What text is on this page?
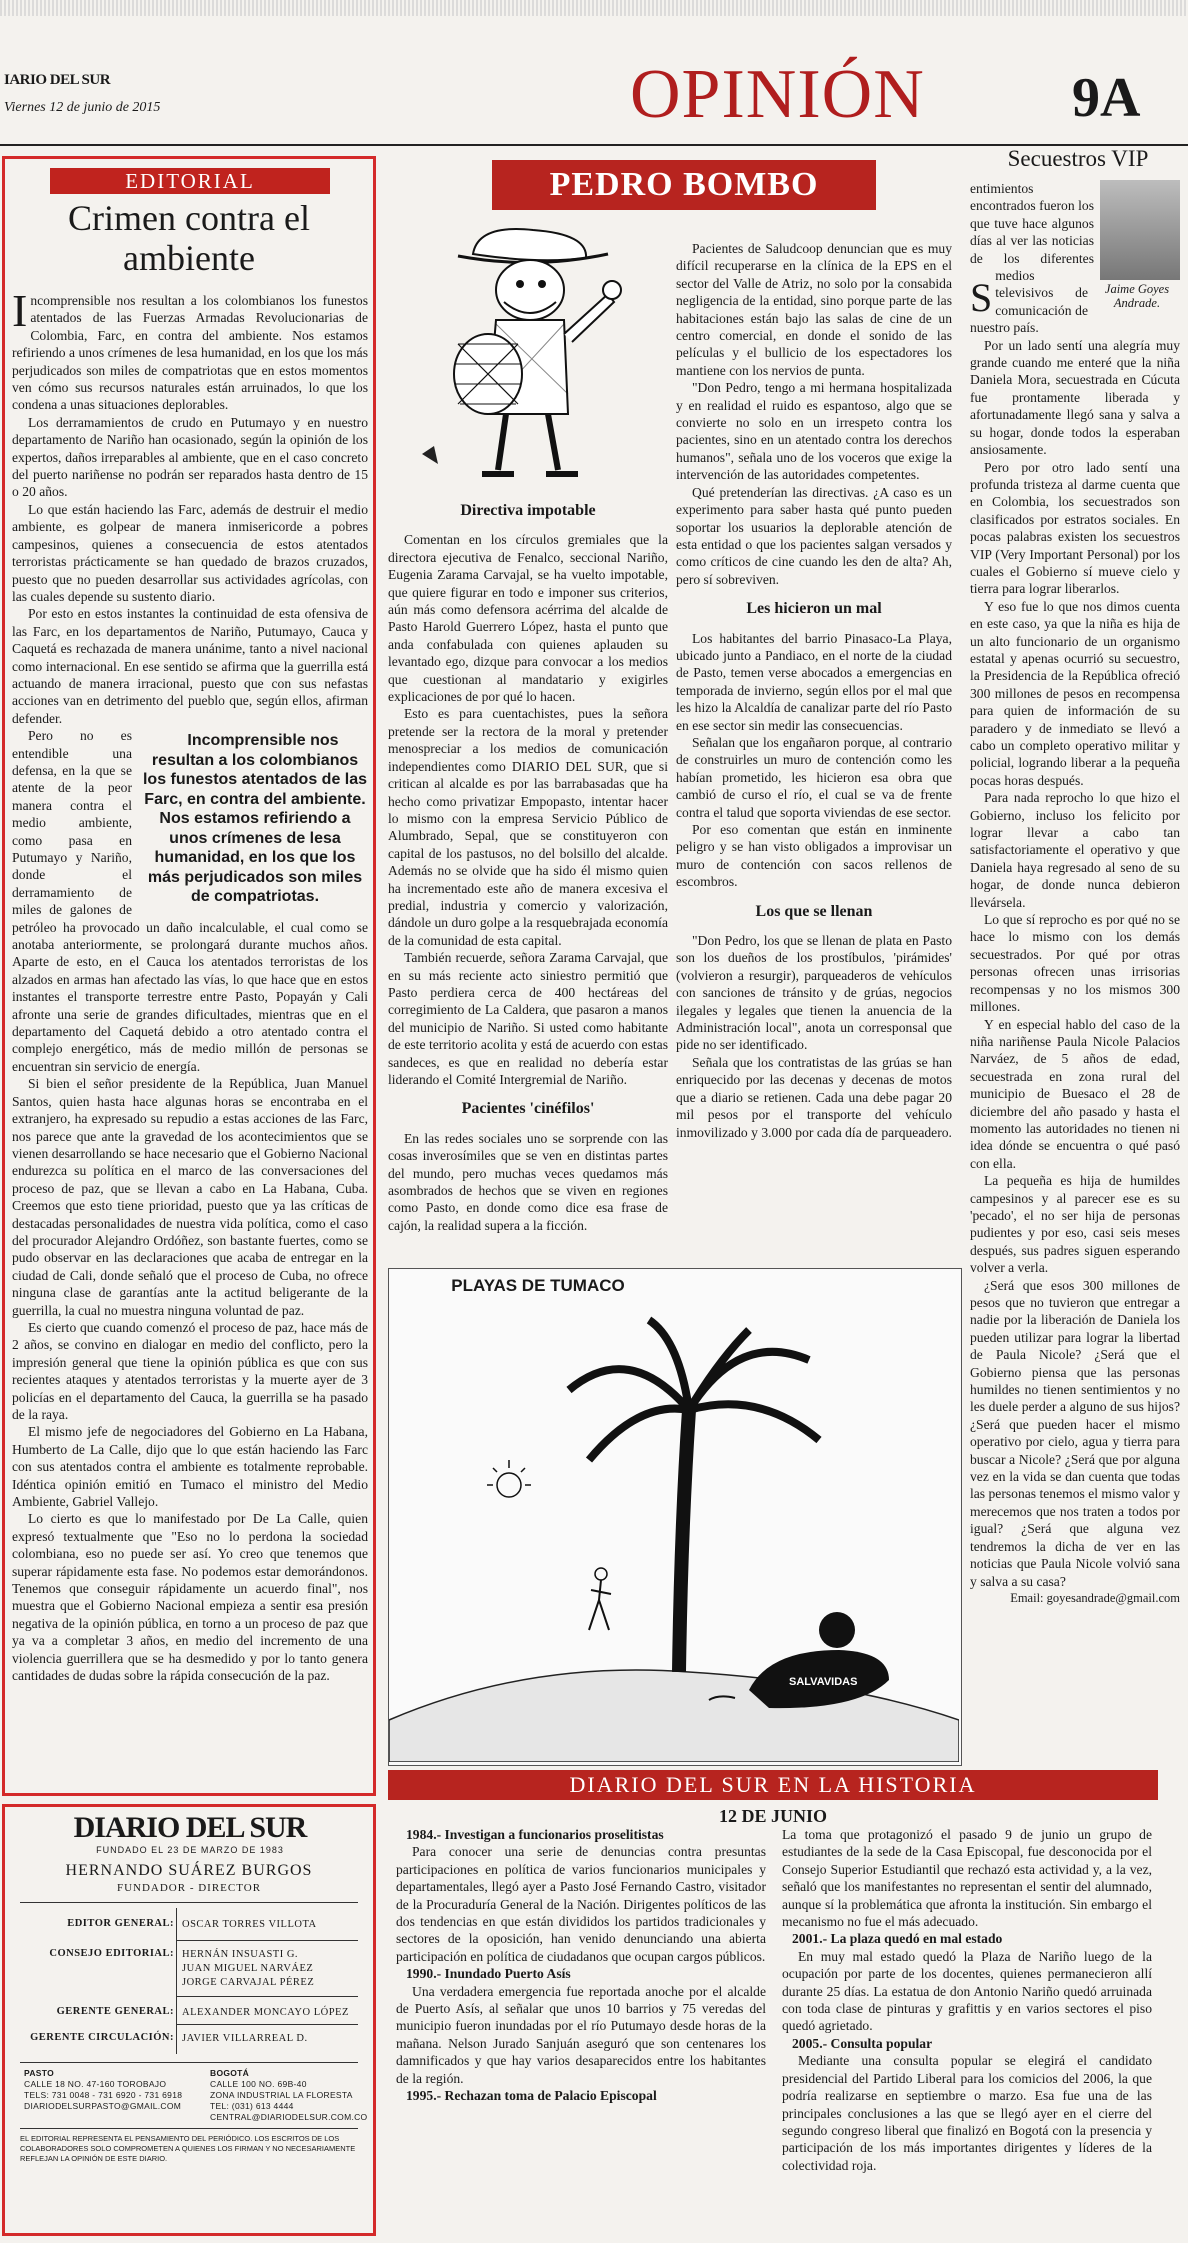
IARIO DEL SUR
Viernes 12 de junio de 2015	OPINIÓN	9A
EDITORIAL
Crimen contra el ambiente

Incomprensible nos resultan a los colombianos los funestos atentados de las Fuerzas Armadas Revolucionarias de Colombia, Farc, en contra del ambiente. Nos estamos refiriendo a unos crímenes de lesa humanidad, en los que los más perjudicados son miles de compatriotas que en estos momentos ven cómo sus recursos naturales están arruinados, lo que los condena a unas situaciones deplorables.

Los derramamientos de crudo en Putumayo y en nuestro departamento de Nariño han ocasionado, según la opinión de los expertos, daños irreparables al ambiente, que en el caso concreto del puerto nariñense no podrán ser reparados hasta dentro de 15 o 20 años.

Lo que están haciendo las Farc, además de destruir el medio ambiente, es golpear de manera inmisericorde a pobres campesinos, quienes a consecuencia de estos atentados terroristas prácticamente se han quedado de brazos cruzados, puesto que no pueden desarrollar sus actividades agrícolas, con las cuales depende su sustento diario.

Por esto en estos instantes la continuidad de esta ofensiva de las Farc, en los departamentos de Nariño, Putumayo, Cauca y Caquetá es rechazada de manera unánime, tanto a nivel nacional como internacional. En ese sentido se afirma que la guerrilla está actuando de manera irracional, puesto que con sus nefastas acciones van en detrimento del pueblo que, según ellos, afirman defender.

Incomprensible nos resultan a los colombianos los funestos atentados de las Farc, en contra del ambiente. Nos estamos refiriendo a unos crímenes de lesa humanidad, en los que los más perjudicados son miles de compatriotas.
Pero no es entendible una defensa, en la que se atente de la peor manera contra el medio ambiente, como pasa en Putumayo y Nariño, donde el derramamiento de miles de galones de petróleo ha provocado un daño incalculable, el cual como se anotaba anteriormente, se prolongará durante muchos años. Aparte de esto, en el Cauca los atentados terroristas de los alzados en armas han afectado las vías, lo que hace que en estos instantes el transporte terrestre entre Pasto, Popayán y Cali afronte una serie de grandes dificultades, mientras que en el departamento del Caquetá debido a otro atentado contra el complejo energético, más de medio millón de personas se encuentran sin servicio de energía.

Si bien el señor presidente de la República, Juan Manuel Santos, quien hasta hace algunas horas se encontraba en el extranjero, ha expresado su repudio a estas acciones de las Farc, nos parece que ante la gravedad de los acontecimientos que se vienen desarrollando se hace necesario que el Gobierno Nacional endurezca su política en el marco de las conversaciones del proceso de paz, que se llevan a cabo en La Habana, Cuba. Creemos que esto tiene prioridad, puesto que ya las críticas de destacadas personalidades de nuestra vida política, como el caso del procurador Alejandro Ordóñez, son bastante fuertes, como se pudo observar en las declaraciones que acaba de entregar en la ciudad de Cali, donde señaló que el proceso de Cuba, no ofrece ninguna clase de garantías ante la actitud beligerante de la guerrilla, la cual no muestra ninguna voluntad de paz.

Es cierto que cuando comenzó el proceso de paz, hace más de 2 años, se convino en dialogar en medio del conflicto, pero la impresión general que tiene la opinión pública es que con sus recientes ataques y atentados terroristas y la muerte ayer de 3 policías en el departamento del Cauca, la guerrilla se ha pasado de la raya.

El mismo jefe de negociadores del Gobierno en La Habana, Humberto de La Calle, dijo que lo que están haciendo las Farc con sus atentados contra el ambiente es totalmente reprobable. Idéntica opinión emitió en Tumaco el ministro del Medio Ambiente, Gabriel Vallejo.

Lo cierto es que lo manifestado por De La Calle, quien expresó textualmente que "Eso no lo perdona la sociedad colombiana, eso no puede ser así. Yo creo que tenemos que superar rápidamente esta fase. No podemos estar demorándonos. Tenemos que conseguir rápidamente un acuerdo final", nos muestra que el Gobierno Nacional empieza a sentir esa presión negativa de la opinión pública, en torno a un proceso de paz que ya va a completar 3 años, en medio del incremento de una violencia guerrillera que se ha desmedido y por lo tanto genera cantidades de dudas sobre la rápida consecución de la paz.

DIARIO DEL SUR
FUNDADO EL 23 DE MARZO DE 1983
HERNANDO SUÁREZ BURGOS
FUNDADOR - DIRECTOR
EDITOR GENERAL: OSCAR TORRES VILLOTA
CONSEJO EDITORIAL: HERNÁN INSUASTI G.
JUAN MIGUEL NARVÁEZ
JORGE CARVAJAL PÉREZ
GERENTE GENERAL: ALEXANDER MONCAYO LÓPEZ
GERENTE CIRCULACIÓN: JAVIER VILLARREAL D.
PASTO
CALLE 18 NO. 47-160 TOROBAJO
TELS: 731 0048 - 731 6920 - 731 6918
DIARIODELSURPASTO@GMAIL.COM
BOGOTÁ
CALLE 100 NO. 69B-40
ZONA INDUSTRIAL LA FLORESTA
TEL: (031) 613 4444
CENTRAL@DIARIODELSUR.COM.CO
EL EDITORIAL REPRESENTA EL PENSAMIENTO DEL PERIÓDICO. LOS ESCRITOS DE LOS COLABORADORES SOLO COMPROMETEN A QUIENES LOS FIRMAN Y NO NECESARIAMENTE REFLEJAN LA OPINIÓN DE ESTE DIARIO.
PEDRO BOMBO
Directiva impotable

Comentan en los círculos gremiales que la directora ejecutiva de Fenalco, seccional Nariño, Eugenia Zarama Carvajal, se ha vuelto impotable, que quiere figurar en todo e imponer sus criterios, aún más como defensora acérrima del alcalde de Pasto Harold Guerrero López, hasta el punto que anda confabulada con quienes aplauden su levantado ego, dizque para convocar a los medios que cuestionan al mandatario y exigirles explicaciones de por qué lo hacen.

Esto es para cuentachistes, pues la señora pretende ser la rectora de la moral y pretender menospreciar a los medios de comunicación independientes como DIARIO DEL SUR, que si critican al alcalde es por las barrabasadas que ha hecho como privatizar Empopasto, intentar hacer lo mismo con la empresa Servicio Público de Alumbrado, Sepal, que se constituyeron con capital de los pastusos, no del bolsillo del alcalde. Además no se olvide que ha sido él mismo quien ha incrementado este año de manera excesiva el predial, industria y comercio y valorización, dándole un duro golpe a la resquebrajada economía de la comunidad de esta capital.

También recuerde, señora Zarama Carvajal, que en su más reciente acto siniestro permitió que Pasto perdiera cerca de 400 hectáreas del corregimiento de La Caldera, que pasaron a manos del municipio de Nariño. Si usted como habitante de este territorio acolita y está de acuerdo con estas sandeces, es que en realidad no debería estar liderando el Comité Intergremial de Nariño.

Pacientes 'cinéfilos'

En las redes sociales uno se sorprende con las cosas inverosímiles que se ven en distintas partes del mundo, pero muchas veces quedamos más asombrados de hechos que se viven en regiones como Pasto, en donde como dice esa frase de cajón, la realidad supera a la ficción.

Pacientes de Saludcoop denuncian que es muy difícil recuperarse en la clínica de la EPS en el sector del Valle de Atriz, no solo por la consabida negligencia de la entidad, sino porque parte de las habitaciones están bajo las salas de cine de un centro comercial, en donde el sonido de las películas y el bullicio de los espectadores los mantiene con los nervios de punta.

"Don Pedro, tengo a mi hermana hospitalizada y en realidad el ruido es espantoso, algo que se convierte no solo en un irrespeto contra los pacientes, sino en un atentado contra los derechos humanos", señala uno de los voceros que exige la intervención de las autoridades competentes.

Qué pretenderían las directivas. ¿A caso es un experimento para saber hasta qué punto pueden soportar los usuarios la deplorable atención de esta entidad o que los pacientes salgan versados y como críticos de cine cuando les den de alta? Ah, pero sí sobreviven.

Les hicieron un mal

Los habitantes del barrio Pinasaco-La Playa, ubicado junto a Pandiaco, en el norte de la ciudad de Pasto, temen verse abocados a emergencias en temporada de invierno, según ellos por el mal que les hizo la Alcaldía de canalizar parte del río Pasto en ese sector sin medir las consecuencias.

Señalan que los engañaron porque, al contrario de construirles un muro de contención como les habían prometido, les hicieron esa obra que cambió de curso el río, el cual se va de frente contra el talud que soporta viviendas de ese sector.

Por eso comentan que están en inminente peligro y se han visto obligados a improvisar un muro de contención con sacos rellenos de escombros.

Los que se llenan

"Don Pedro, los que se llenan de plata en Pasto son los dueños de los prostíbulos, 'pirámides' (volvieron a resurgir), parqueaderos de vehículos con sanciones de tránsito y de grúas, negocios ilegales y legales que tienen la anuencia de la Administración local", anota un corresponsal que pide no ser identificado.

Señala que los contratistas de las grúas se han enriquecido por las decenas y decenas de motos que a diario se retienen. Cada una debe pagar 20 mil pesos por el transporte del vehículo inmovilizado y 3.000 por cada día de parqueadero.

Secuestros VIP
Jaime Goyes Andrade.

S
entimientos encontrados fueron los que tuve hace algunos días al ver las noticias de los diferentes medios televisivos de comunicación de nuestro país.

Por un lado sentí una alegría muy grande cuando me enteré que la niña Daniela Mora, secuestrada en Cúcuta fue prontamente liberada y afortunadamente llegó sana y salva a su hogar, donde todos la esperaban ansiosamente.

Pero por otro lado sentí una profunda tristeza al darme cuenta que en Colombia, los secuestrados son clasificados por estratos sociales. En pocas palabras existen los secuestros VIP (Very Important Personal) por los cuales el Gobierno sí mueve cielo y tierra para lograr liberarlos.

Y eso fue lo que nos dimos cuenta en este caso, ya que la niña es hija de un alto funcionario de un organismo estatal y apenas ocurrió su secuestro, la Presidencia de la República ofreció 300 millones de pesos en recompensa para quien de información de su paradero y de inmediato se llevó a cabo un completo operativo militar y policial, logrando liberar a la pequeña pocas horas después.

Para nada reprocho lo que hizo el Gobierno, incluso los felicito por lograr llevar a cabo tan satisfactoriamente el operativo y que Daniela haya regresado al seno de su hogar, de donde nunca debieron llevársela.

Lo que sí reprocho es por qué no se hace lo mismo con los demás secuestrados. Por qué por otras personas ofrecen unas irrisorias recompensas y no los mismos 300 millones.

Y en especial hablo del caso de la niña nariñense Paula Nicole Palacios Narváez, de 5 años de edad, secuestrada en zona rural del municipio de Buesaco el 28 de diciembre del año pasado y hasta el momento las autoridades no tienen ni idea dónde se encuentra o qué pasó con ella.

La pequeña es hija de humildes campesinos y al parecer ese es su 'pecado', el no ser hija de personas pudientes y por eso, casi seis meses después, sus padres siguen esperando volver a verla.

¿Será que esos 300 millones de pesos que no tuvieron que entregar a nadie por la liberación de Daniela los pueden utilizar para lograr la libertad de Paula Nicole? ¿Será que el Gobierno piensa que las personas humildes no tienen sentimientos y no les duele perder a alguno de sus hijos? ¿Será que pueden hacer el mismo operativo por cielo, agua y tierra para buscar a Nicole? ¿Será que por alguna vez en la vida se dan cuenta que todas las personas tenemos el mismo valor y merecemos que nos traten a todos por igual? ¿Será que alguna vez tendremos la dicha de ver en las noticias que Paula Nicole volvió sana y salva a su casa?

Email: goyesandrade@gmail.com

PLAYAS DE TUMACO
SALVAVIDAS
DIARIO DEL SUR EN LA HISTORIA
12 DE JUNIO
1984.- Investigan a funcionarios proselitistas

Para conocer una serie de denuncias contra presuntas participaciones en política de varios funcionarios municipales y departamentales, llegó ayer a Pasto José Fernando Castro, visitador de la Procuraduría General de la Nación. Dirigentes políticos de las dos tendencias en que están divididos los partidos tradicionales y sectores de la oposición, han venido denunciando una abierta participación en política de ciudadanos que ocupan cargos públicos.

1990.- Inundado Puerto Asís

Una verdadera emergencia fue reportada anoche por el alcalde de Puerto Asís, al señalar que unos 10 barrios y 75 veredas del municipio fueron inundadas por el río Putumayo desde horas de la mañana. Nelson Jurado Sanjuán aseguró que son centenares los damnificados y que hay varios desaparecidos entre los habitantes de la región.

1995.- Rechazan toma de Palacio Episcopal

La toma que protagonizó el pasado 9 de junio un grupo de estudiantes de la sede de la Casa Episcopal, fue desconocida por el Consejo Superior Estudiantil que rechazó esta actividad y, a la vez, señaló que los manifestantes no representan el sentir del alumnado, aunque sí la problemática que afronta la institución. Sin embargo el mecanismo no fue el más adecuado.

2001.- La plaza quedó en mal estado

En muy mal estado quedó la Plaza de Nariño luego de la ocupación por parte de los docentes, quienes permanecieron allí durante 25 días. La estatua de don Antonio Nariño quedó arruinada con toda clase de pinturas y grafittis y en varios sectores el piso quedó agrietado.

2005.- Consulta popular

Mediante una consulta popular se elegirá el candidato presidencial del Partido Liberal para los comicios del 2006, la que podría realizarse en septiembre o marzo. Esa fue una de las principales conclusiones a las que se llegó ayer en el cierre del segundo congreso liberal que finalizó en Bogotá con la presencia y participación de los más importantes dirigentes y líderes de la colectividad roja.
